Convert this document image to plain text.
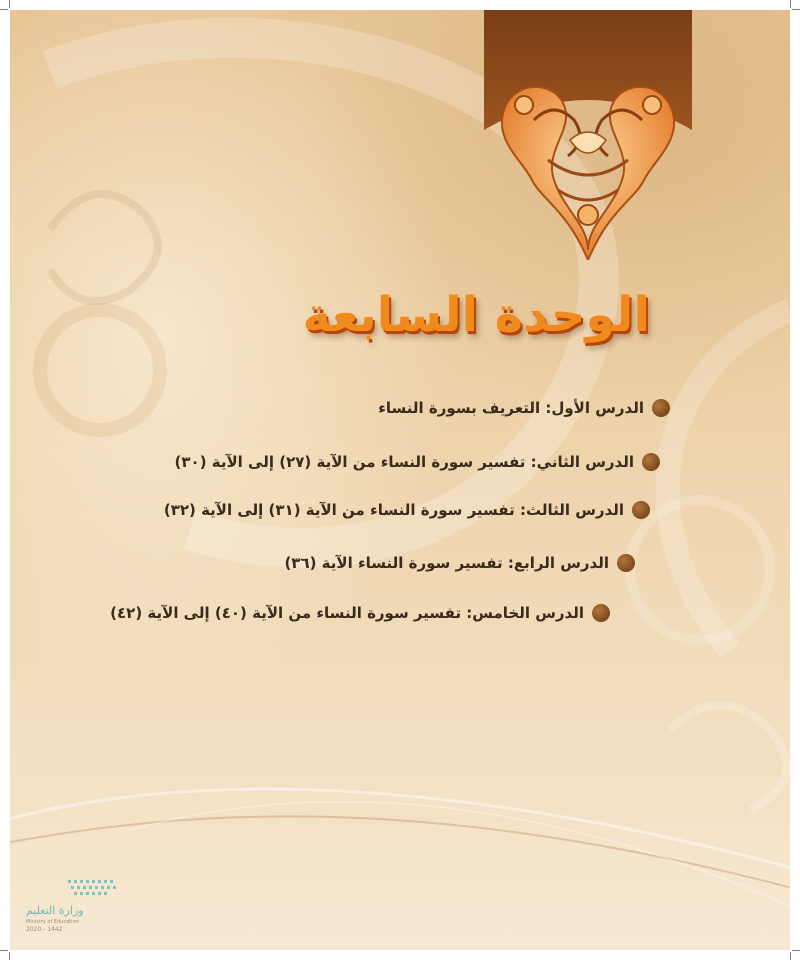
الوحدة السابعة
الدرس الأول: التعريف بسورة النساء
الدرس الثاني: تفسير سورة النساء من الآية (٢٧) إلى الآية (٣٠)
الدرس الثالث: تفسير سورة النساء من الآية (٣١) إلى الآية (٣٢)
الدرس الرابع: تفسير سورة النساء الآية (٣٦)
الدرس الخامس: تفسير سورة النساء من الآية (٤٠) إلى الآية (٤٢)
وزارة التعليم
Ministry of Education
2020 - 1442
